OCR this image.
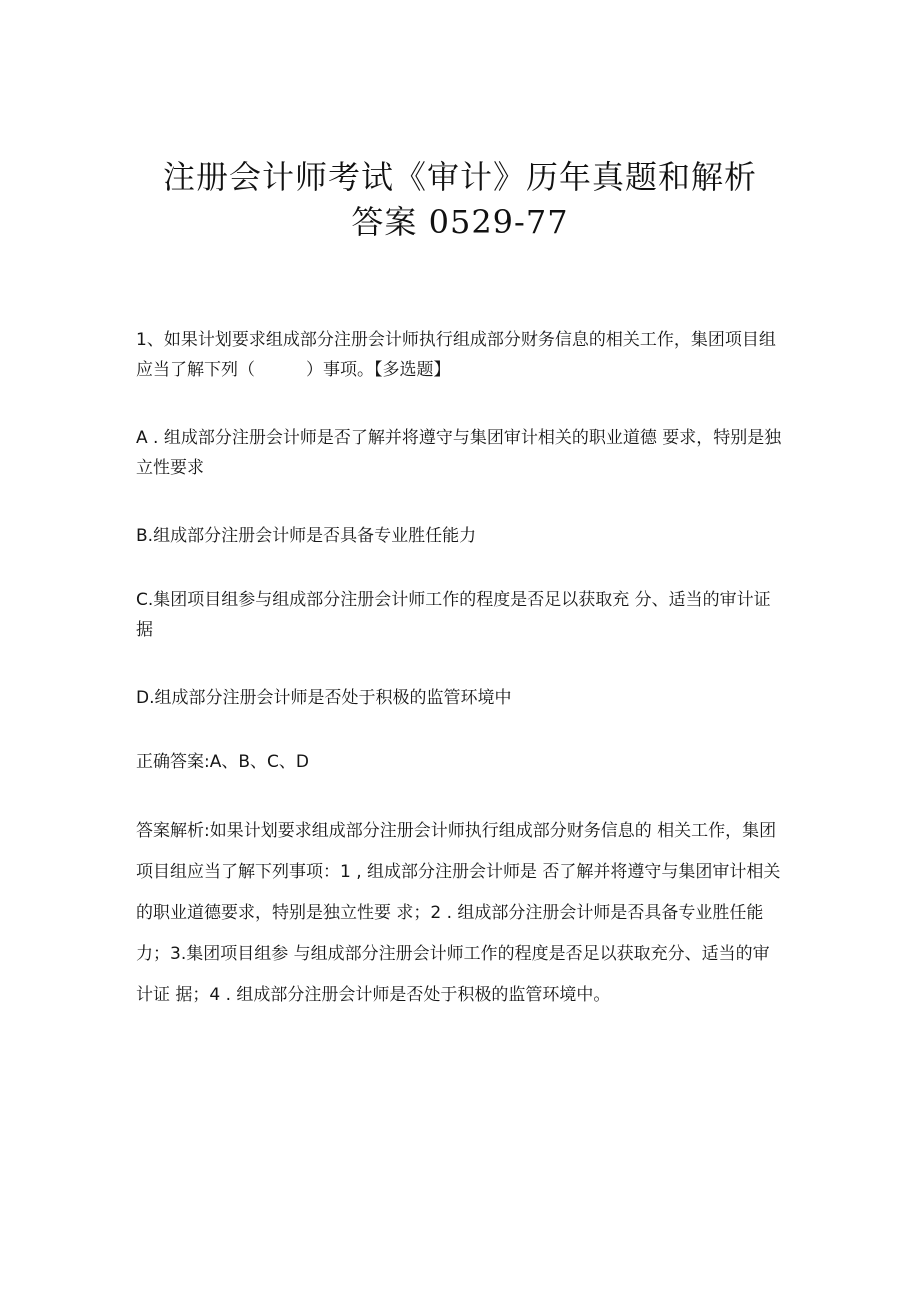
注册会计师考试《审计》历年真题和解析
答案 0529-77

1、如果计划要求组成部分注册会计师执行组成部分财务信息的相关工作，集团项目组应当了解下列（　　　）事项。【多选题】

A . 组成部分注册会计师是否了解并将遵守与集团审计相关的职业道德 要求，特别是独立性要求

B.组成部分注册会计师是否具备专业胜任能力

C.集团项目组参与组成部分注册会计师工作的程度是否足以获取充 分、适当的审计证据

D.组成部分注册会计师是否处于积极的监管环境中

正确答案:A、B、C、D

答案解析:如果计划要求组成部分注册会计师执行组成部分财务信息的 相关工作，集团项目组应当了解下列事项：1 , 组成部分注册会计师是 否了解并将遵守与集团审计相关的职业道德要求，特别是独立性要 求；2 . 组成部分注册会计师是否具备专业胜任能力；3.集团项目组参 与组成部分注册会计师工作的程度是否足以获取充分、适当的审计证 据；4 . 组成部分注册会计师是否处于积极的监管环境中。
